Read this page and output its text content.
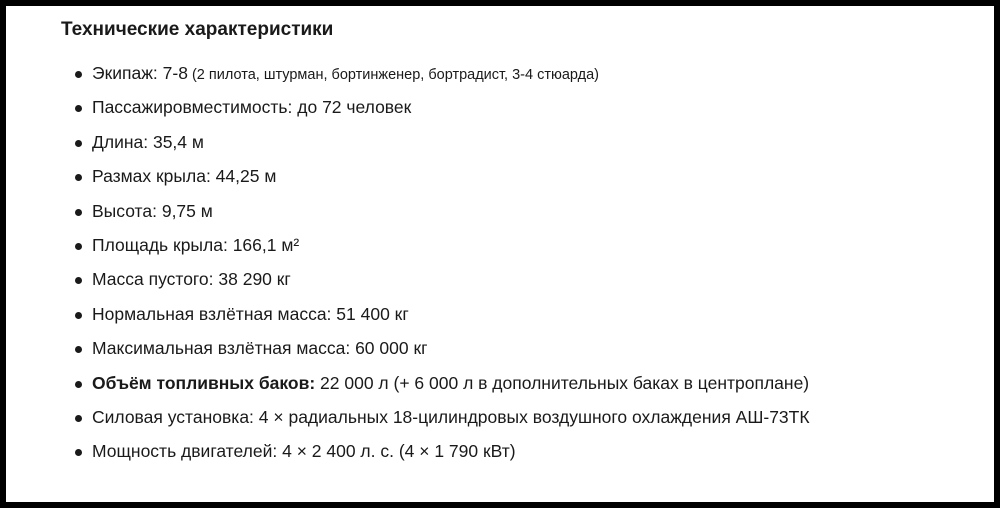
Технические характеристики
Экипаж: 7-8 (2 пилота, штурман, бортинженер, бортрадист, 3-4 стюарда)
Пассажировместимость: до 72 человек
Длина: 35,4 м
Размах крыла: 44,25 м
Высота: 9,75 м
Площадь крыла: 166,1 м²
Масса пустого: 38 290 кг
Нормальная взлётная масса: 51 400 кг
Максимальная взлётная масса: 60 000 кг
Объём топливных баков: 22 000 л (+ 6 000 л в дополнительных баках в центроплане)
Силовая установка: 4 × радиальных 18-цилиндровых воздушного охлаждения АШ-73ТК
Мощность двигателей: 4 × 2 400 л. с. (4 × 1 790 кВт)
